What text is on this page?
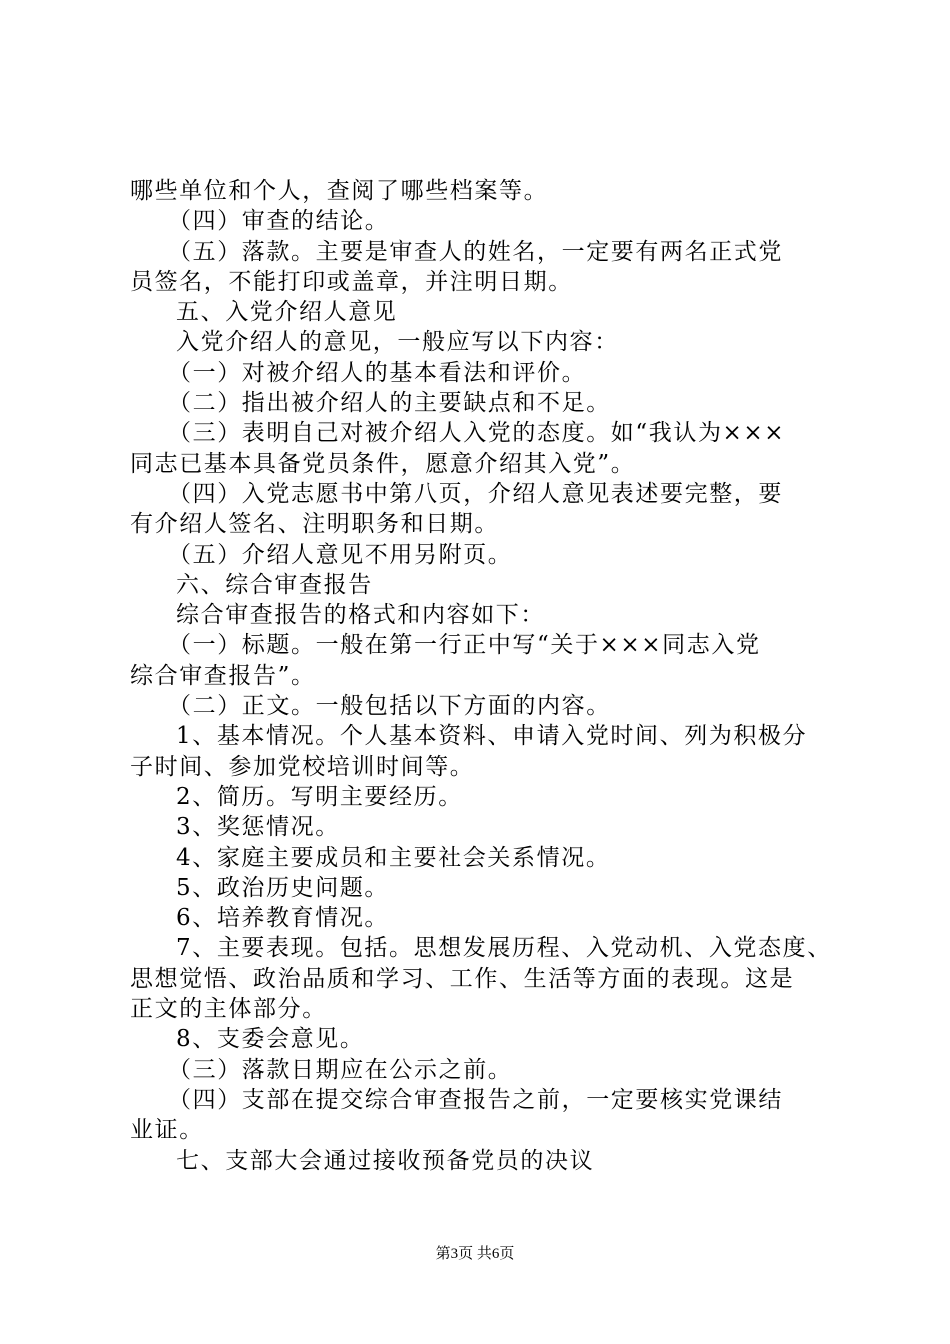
哪些单位和个人，查阅了哪些档案等。
（四）审查的结论。
（五）落款。主要是审查人的姓名，一定要有两名正式党
员签名，不能打印或盖章，并注明日期。
五、入党介绍人意见
入党介绍人的意见，一般应写以下内容：
（一）对被介绍人的基本看法和评价。
（二）指出被介绍人的主要缺点和不足。
（三）表明自己对被介绍人入党的态度。如“我认为×××
同志已基本具备党员条件，愿意介绍其入党”。
（四）入党志愿书中第八页，介绍人意见表述要完整，要
有介绍人签名、注明职务和日期。
（五）介绍人意见不用另附页。
六、综合审查报告
综合审查报告的格式和内容如下：
（一）标题。一般在第一行正中写“关于×××同志入党
综合审查报告”。
（二）正文。一般包括以下方面的内容。
1、基本情况。个人基本资料、申请入党时间、列为积极分
子时间、参加党校培训时间等。
2、简历。写明主要经历。
3、奖惩情况。
4、家庭主要成员和主要社会关系情况。
5、政治历史问题。
6、培养教育情况。
7、主要表现。包括。思想发展历程、入党动机、入党态度、
思想觉悟、政治品质和学习、工作、生活等方面的表现。这是
正文的主体部分。
8、支委会意见。
（三）落款日期应在公示之前。
（四）支部在提交综合审查报告之前，一定要核实党课结
业证。
七、支部大会通过接收预备党员的决议
第3页 共6页
